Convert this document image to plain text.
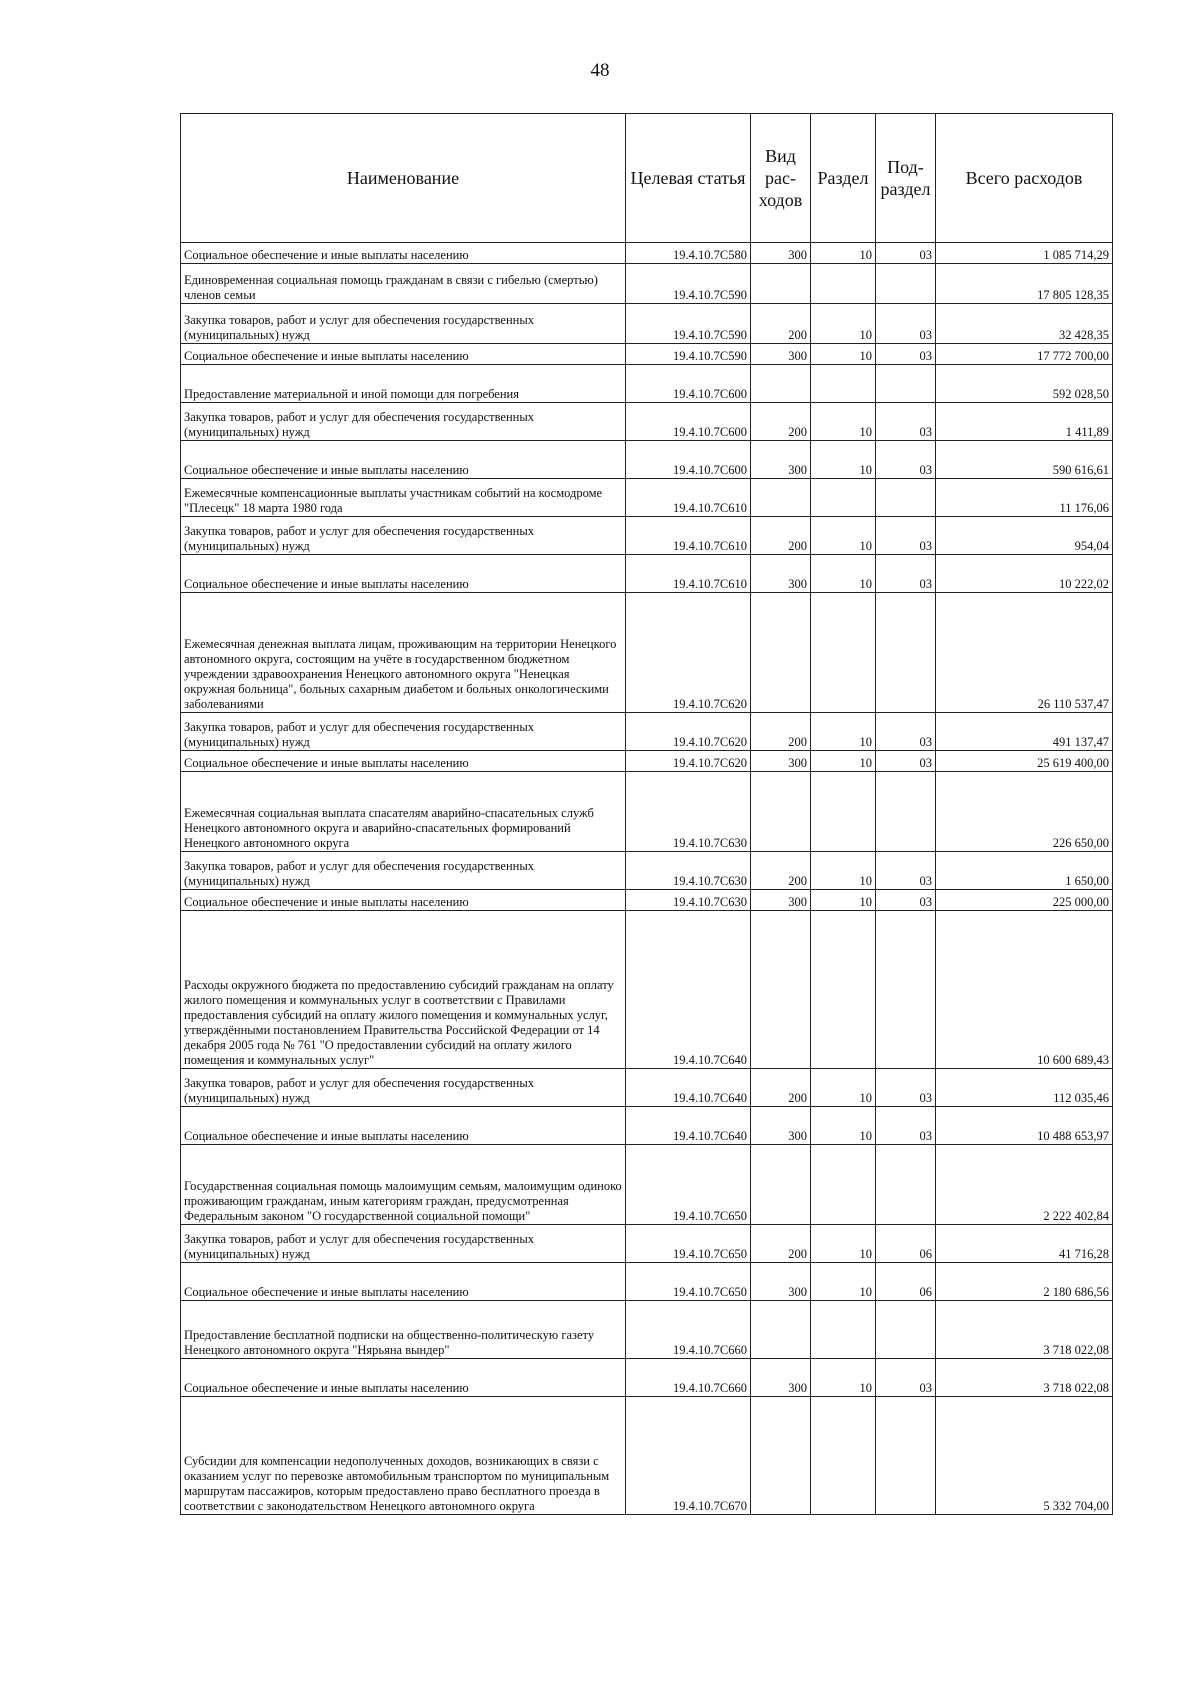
48
Наименование	Целевая статья	Вид рас- ходов	Раздел	Под- раздел	Всего расходов
Социальное обеспечение и иные выплаты населению	19.4.10.7С580	300	10	03	1 085 714,29
Единовременная социальная помощь гражданам в связи с гибелью (смертью) членов семьи	19.4.10.7С590				17 805 128,35
Закупка товаров, работ и услуг для обеспечения государственных (муниципальных) нужд	19.4.10.7С590	200	10	03	32 428,35
Социальное обеспечение и иные выплаты населению	19.4.10.7С590	300	10	03	17 772 700,00
Предоставление материальной и иной помощи для погребения	19.4.10.7С600				592 028,50
Закупка товаров, работ и услуг для обеспечения государственных (муниципальных) нужд	19.4.10.7С600	200	10	03	1 411,89
Социальное обеспечение и иные выплаты населению	19.4.10.7С600	300	10	03	590 616,61
Ежемесячные компенсационные выплаты участникам событий на космодроме "Плесецк" 18 марта 1980 года	19.4.10.7С610				11 176,06
Закупка товаров, работ и услуг для обеспечения государственных (муниципальных) нужд	19.4.10.7С610	200	10	03	954,04
Социальное обеспечение и иные выплаты населению	19.4.10.7С610	300	10	03	10 222,02
Ежемесячная денежная выплата лицам, проживающим на территории Ненецкого автономного округа, состоящим на учёте в государственном бюджетном учреждении здравоохранения Ненецкого автономного округа "Ненецкая окружная больница", больных сахарным диабетом и больных онкологическими заболеваниями	19.4.10.7С620				26 110 537,47
Закупка товаров, работ и услуг для обеспечения государственных (муниципальных) нужд	19.4.10.7С620	200	10	03	491 137,47
Социальное обеспечение и иные выплаты населению	19.4.10.7С620	300	10	03	25 619 400,00
Ежемесячная социальная выплата спасателям аварийно-спасательных служб Ненецкого автономного округа и аварийно-спасательных формирований Ненецкого автономного округа	19.4.10.7С630				226 650,00
Закупка товаров, работ и услуг для обеспечения государственных (муниципальных) нужд	19.4.10.7С630	200	10	03	1 650,00
Социальное обеспечение и иные выплаты населению	19.4.10.7С630	300	10	03	225 000,00
Расходы окружного бюджета по предоставлению субсидий гражданам на оплату жилого помещения и коммунальных услуг в соответствии с Правилами предоставления субсидий на оплату жилого помещения и коммунальных услуг, утверждёнными постановлением Правительства Российской Федерации от 14 декабря 2005 года № 761 "О предоставлении субсидий на оплату жилого помещения и коммунальных услуг"	19.4.10.7С640				10 600 689,43
Закупка товаров, работ и услуг для обеспечения государственных (муниципальных) нужд	19.4.10.7С640	200	10	03	112 035,46
Социальное обеспечение и иные выплаты населению	19.4.10.7С640	300	10	03	10 488 653,97
Государственная социальная помощь малоимущим семьям, малоимущим одиноко проживающим гражданам, иным категориям граждан, предусмотренная Федеральным законом "О государственной социальной помощи"	19.4.10.7С650				2 222 402,84
Закупка товаров, работ и услуг для обеспечения государственных (муниципальных) нужд	19.4.10.7С650	200	10	06	41 716,28
Социальное обеспечение и иные выплаты населению	19.4.10.7С650	300	10	06	2 180 686,56
Предоставление бесплатной подписки на общественно-политическую газету Ненецкого автономного округа "Нярьяна вындер"	19.4.10.7С660				3 718 022,08
Социальное обеспечение и иные выплаты населению	19.4.10.7С660	300	10	03	3 718 022,08
Субсидии для компенсации недополученных доходов, возникающих в связи с оказанием услуг по перевозке автомобильным транспортом по муниципальным маршрутам пассажиров, которым предоставлено право бесплатного проезда в соответствии с законодательством Ненецкого автономного округа	19.4.10.7С670				5 332 704,00
